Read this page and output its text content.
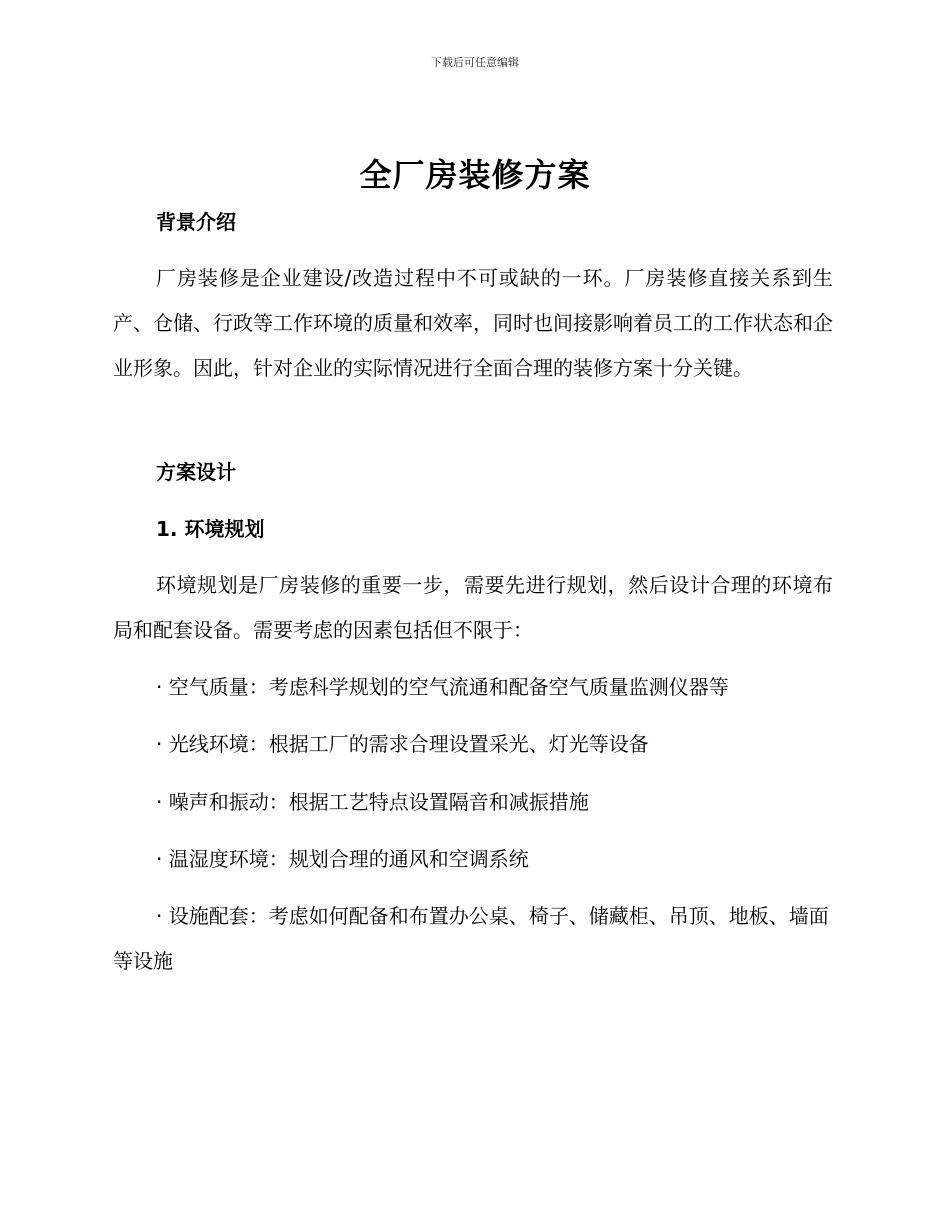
下载后可任意编辑
全厂房装修方案
背景介绍
厂房装修是企业建设/改造过程中不可或缺的一环。厂房装修直接关系到生产、仓储、行政等工作环境的质量和效率，同时也间接影响着员工的工作状态和企业形象。因此，针对企业的实际情况进行全面合理的装修方案十分关键。
方案设计
1. 环境规划
环境规划是厂房装修的重要一步，需要先进行规划，然后设计合理的环境布局和配套设备。需要考虑的因素包括但不限于：
· 空气质量：考虑科学规划的空气流通和配备空气质量监测仪器等
· 光线环境：根据工厂的需求合理设置采光、灯光等设备
· 噪声和振动：根据工艺特点设置隔音和减振措施
· 温湿度环境：规划合理的通风和空调系统
· 设施配套：考虑如何配备和布置办公桌、椅子、储藏柜、吊顶、地板、墙面等设施
